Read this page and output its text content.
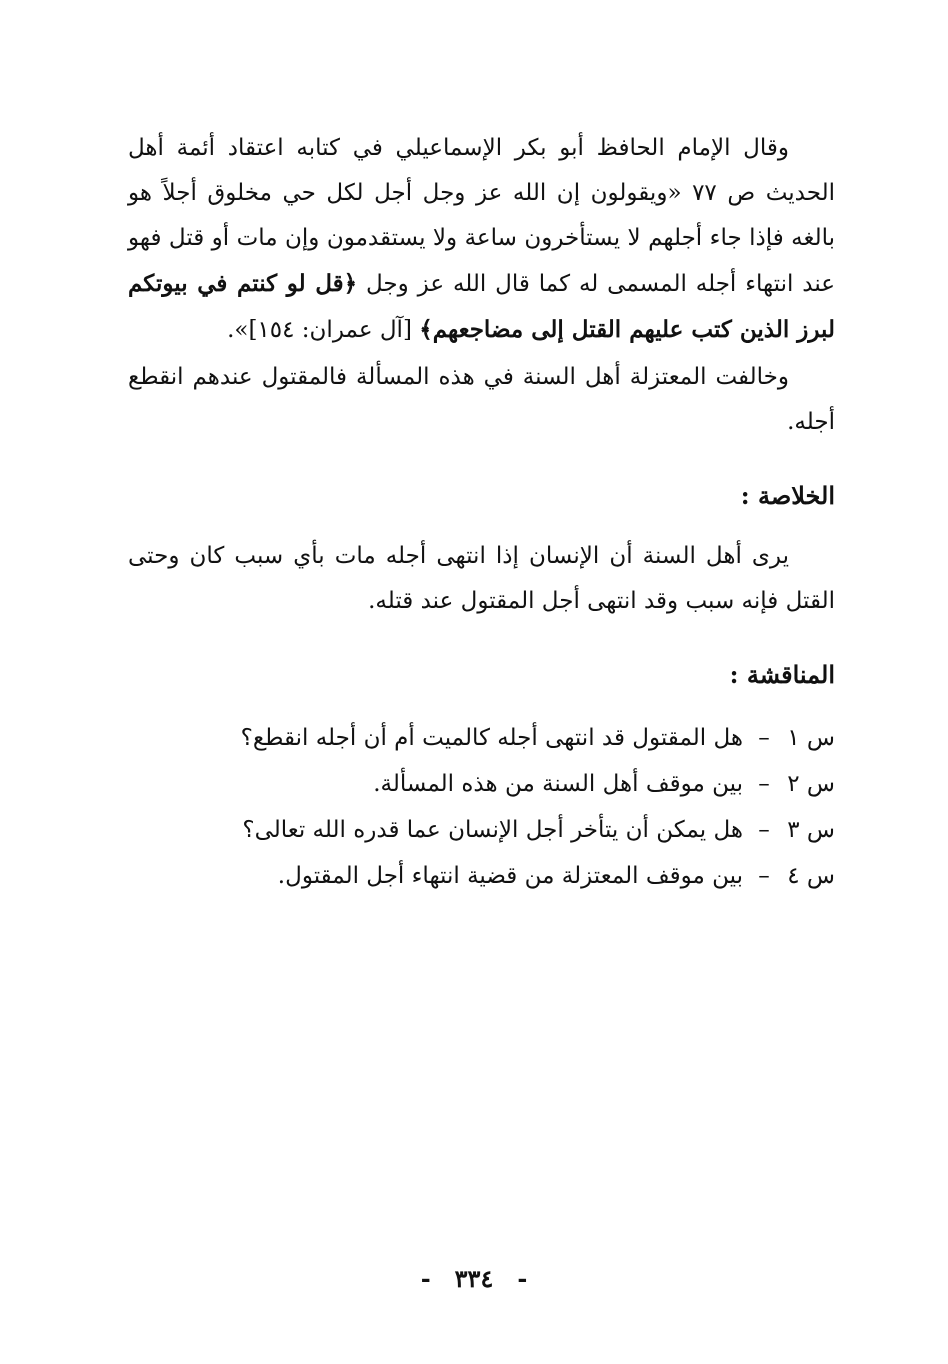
وقال الإمام الحافظ أبو بكر الإسماعيلي في كتابه اعتقاد أئمة أهل الحديث ص ٧٧ «ويقولون إن الله عز وجل أجل لكل حي مخلوق أجلاً هو بالغه فإذا جاء أجلهم لا يستأخرون ساعة ولا يستقدمون وإن مات أو قتل فهو عند انتهاء أجله المسمى له كما قال الله عز وجل ﴿قل لو كنتم في بيوتكم لبرز الذين كتب عليهم القتل إلى مضاجعهم﴾ [آل عمران: ١٥٤]».

وخالفت المعتزلة أهل السنة في هذه المسألة فالمقتول عندهم انقطع أجله.

الخلاصة :

يرى أهل السنة أن الإنسان إذا انتهى أجله مات بأي سبب كان وحتى القتل فإنه سبب وقد انتهى أجل المقتول عند قتله.

المناقشة :
س ١
–
هل المقتول قد انتهى أجله كالميت أم أن أجله انقطع؟
س ٢
–
بين موقف أهل السنة من هذه المسألة.
س ٣
–
هل يمكن أن يتأخر أجل الإنسان عما قدره الله تعالى؟
س ٤
–
بين موقف المعتزلة من قضية انتهاء أجل المقتول.
-٣٣٤-
